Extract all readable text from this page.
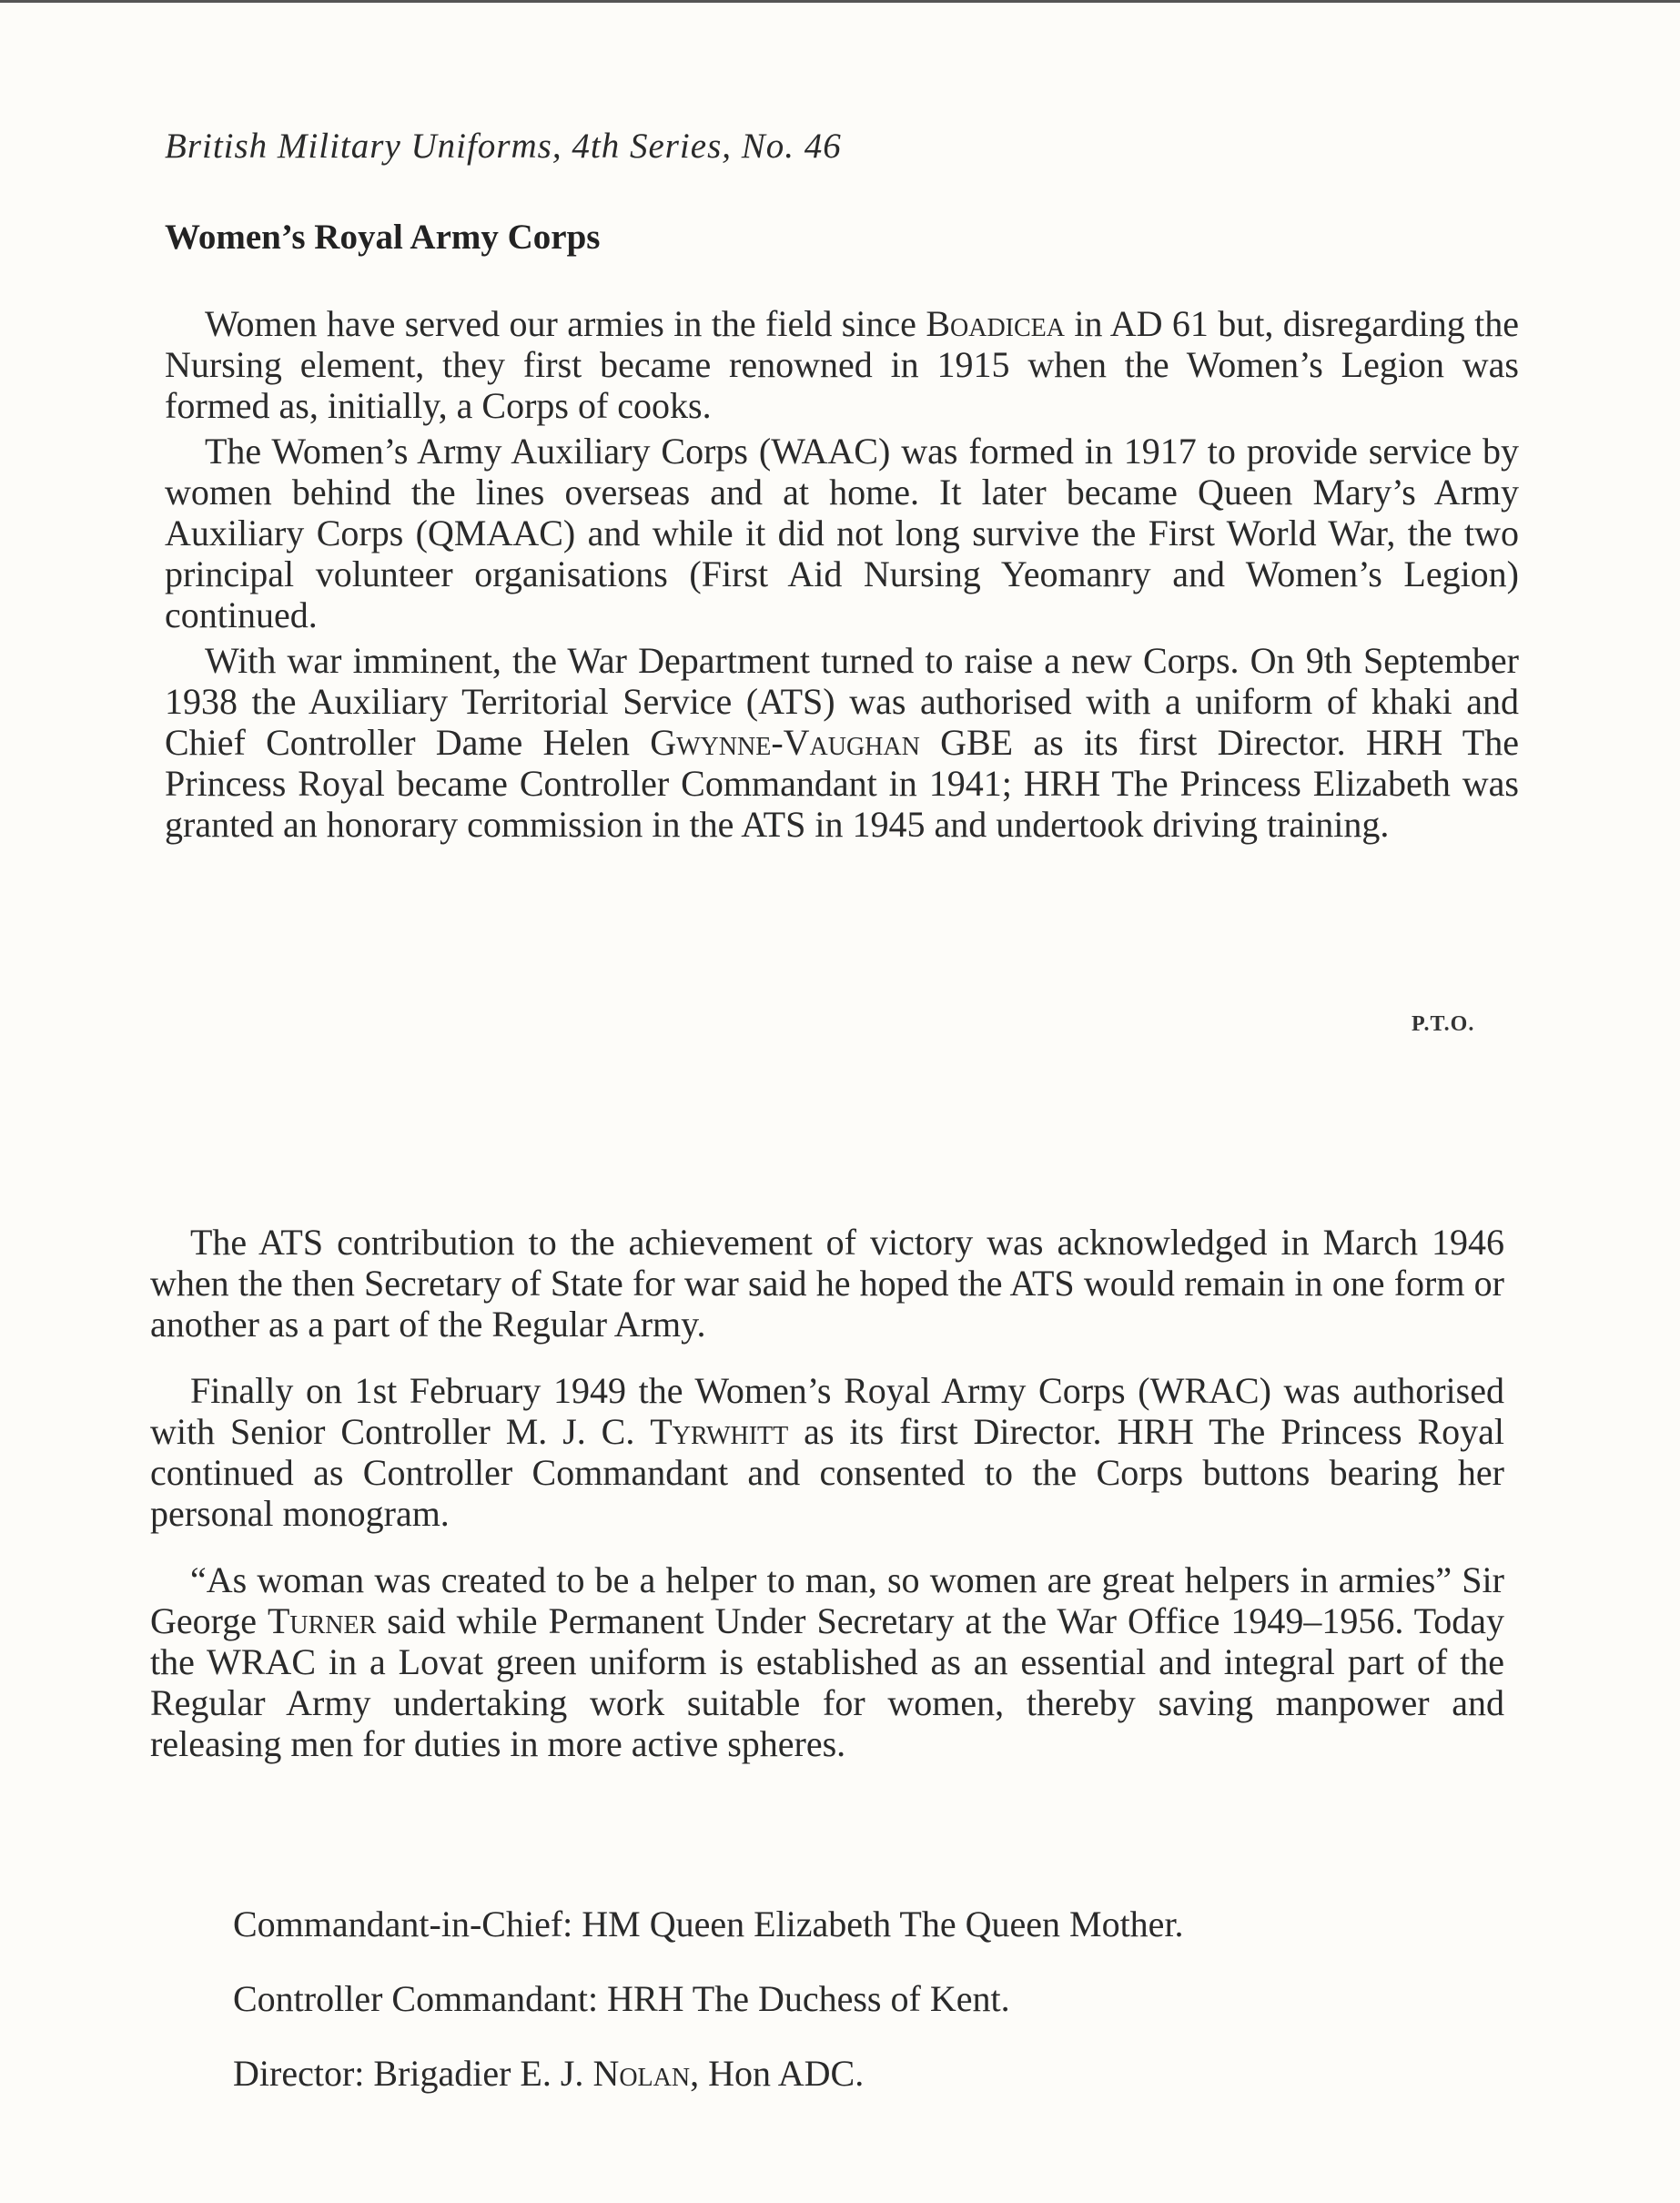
British Military Uniforms, 4th Series, No. 46
Women’s Royal Army Corps

Women have served our armies in the field since Boadicea in AD 61 but, disregarding the Nursing element, they first became renowned in 1915 when the Women’s Legion was formed as, initially, a Corps of cooks.

The Women’s Army Auxiliary Corps (WAAC) was formed in 1917 to provide service by women behind the lines overseas and at home. It later became Queen Mary’s Army Auxiliary Corps (QMAAC) and while it did not long survive the First World War, the two principal volunteer organisations (First Aid Nursing Yeomanry and Women’s Legion) continued.

With war imminent, the War Department turned to raise a new Corps. On 9th September 1938 the Auxiliary Territorial Service (ATS) was authorised with a uniform of khaki and Chief Controller Dame Helen Gwynne-Vaughan GBE as its first Director. HRH The Princess Royal became Controller Commandant in 1941; HRH The Princess Elizabeth was granted an honorary commission in the ATS in 1945 and undertook driving training.

P.T.O.

The ATS contribution to the achievement of victory was acknowledged in March 1946 when the then Secretary of State for war said he hoped the ATS would remain in one form or another as a part of the Regular Army.

Finally on 1st February 1949 the Women’s Royal Army Corps (WRAC) was authorised with Senior Controller M. J. C. Tyrwhitt as its first Director. HRH The Princess Royal continued as Controller Commandant and consented to the Corps buttons bearing her personal monogram.

“As woman was created to be a helper to man, so women are great helpers in armies” Sir George Turner said while Permanent Under Secretary at the War Office 1949–1956. Today the WRAC in a Lovat green uniform is established as an essential and integral part of the Regular Army undertaking work suitable for women, thereby saving manpower and releasing men for duties in more active spheres.

Commandant-in-Chief: HM Queen Elizabeth The Queen Mother.
Controller Commandant: HRH The Duchess of Kent.
Director: Brigadier E. J. Nolan, Hon ADC.
